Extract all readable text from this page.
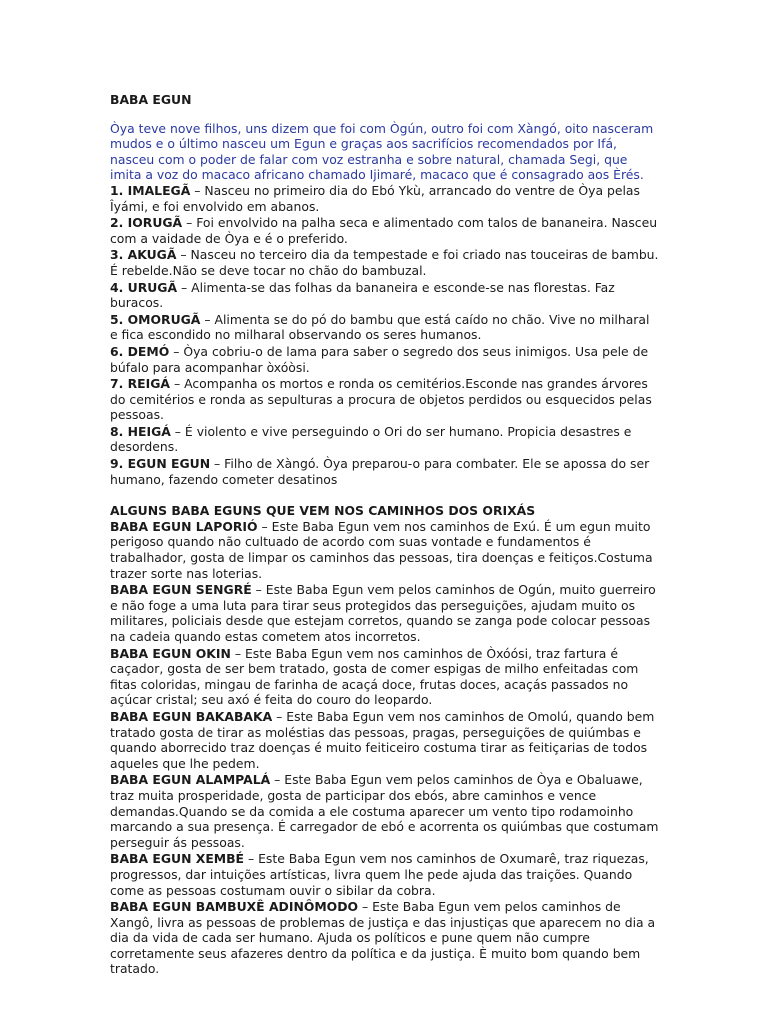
BABA EGUN

Òya teve nove filhos, uns dizem que foi com Ògún, outro foi com Xàngó, oito nasceram mudos e o último nasceu um Egun e graças aos sacrifícios recomendados por Ifá, nasceu com o poder de falar com voz estranha e sobre natural, chamada Segi, que imita a voz do macaco africano chamado Ijimaré, macaco que é consagrado aos Èrés.

1. IMALEGÃ – Nasceu no primeiro dia do Ebó Ykù, arrancado do ventre de Òya pelas Îyámi, e foi envolvido em abanos.

2. IORUGÃ – Foi envolvido na palha seca e alimentado com talos de bananeira. Nasceu com a vaidade de Òya e é o preferido.

3. AKUGÃ – Nasceu no terceiro dia da tempestade e foi criado nas touceiras de bambu. É rebelde.Não se deve tocar no chão do bambuzal.

4. URUGÃ – Alimenta-se das folhas da bananeira e esconde-se nas florestas. Faz buracos.

5. OMORUGÃ – Alimenta se do pó do bambu que está caído no chão. Vive no milharal e fica escondido no milharal observando os seres humanos.

6. DEMÓ – Òya cobriu-o de lama para saber o segredo dos seus inimigos. Usa pele de búfalo para acompanhar òxóòsi.

7. REIGÁ – Acompanha os mortos e ronda os cemitérios.Esconde nas grandes árvores do cemitérios e ronda as sepulturas a procura de objetos perdidos ou esquecidos pelas pessoas.

8. HEIGÁ – É violento e vive perseguindo o Ori do ser humano. Propicia desastres e desordens.

9. EGUN EGUN – Filho de Xàngó. Òya preparou-o para combater. Ele se apossa do ser humano, fazendo cometer desatinos

ALGUNS BABA EGUNS QUE VEM NOS CAMINHOS DOS ORIXÁS

BABA EGUN LAPORIÓ – Este Baba Egun vem nos caminhos de Exú. É um egun muito perigoso quando não cultuado de acordo com suas vontade e fundamentos é trabalhador, gosta de limpar os caminhos das pessoas, tira doenças e feitiços.Costuma trazer sorte nas loterias.

BABA EGUN SENGRÉ – Este Baba Egun vem pelos caminhos de Ogún, muito guerreiro e não foge a uma luta para tirar seus protegidos das perseguições, ajudam muito os militares, policiais desde que estejam corretos, quando se zanga pode colocar pessoas na cadeia quando estas cometem atos incorretos.

BABA EGUN OKIN – Este Baba Egun vem nos caminhos de Òxóósi, traz fartura é caçador, gosta de ser bem tratado, gosta de comer espigas de milho enfeitadas com fitas coloridas, mingau de farinha de acaçá doce, frutas doces, acaçás passados no açúcar cristal; seu axó é feita do couro do leopardo.

BABA EGUN BAKABAKA – Este Baba Egun vem nos caminhos de Omolú, quando bem tratado gosta de tirar as moléstias das pessoas, pragas, perseguições de quiúmbas e quando aborrecido traz doenças é muito feiticeiro costuma tirar as feitiçarias de todos aqueles que lhe pedem.

BABA EGUN ALAMPALÁ – Este Baba Egun vem pelos caminhos de Òya e Obaluawe, traz muita prosperidade, gosta de participar dos ebós, abre caminhos e vence demandas.Quando se da comida a ele costuma aparecer um vento tipo rodamoinho marcando a sua presença. É carregador de ebó e acorrenta os quiúmbas que costumam perseguir ás pessoas.

BABA EGUN XEMBÉ – Este Baba Egun vem nos caminhos de Oxumarê, traz riquezas, progressos, dar intuições artísticas, livra quem lhe pede ajuda das traições. Quando come as pessoas costumam ouvir o sibilar da cobra.

BABA EGUN BAMBUXÊ ADINÔMODO – Este Baba Egun vem pelos caminhos de Xangô, livra as pessoas de problemas de justiça e das injustiças que aparecem no dia a dia da vida de cada ser humano. Ajuda os políticos e pune quem não cumpre corretamente seus afazeres dentro da política e da justiça. È muito bom quando bem tratado.
